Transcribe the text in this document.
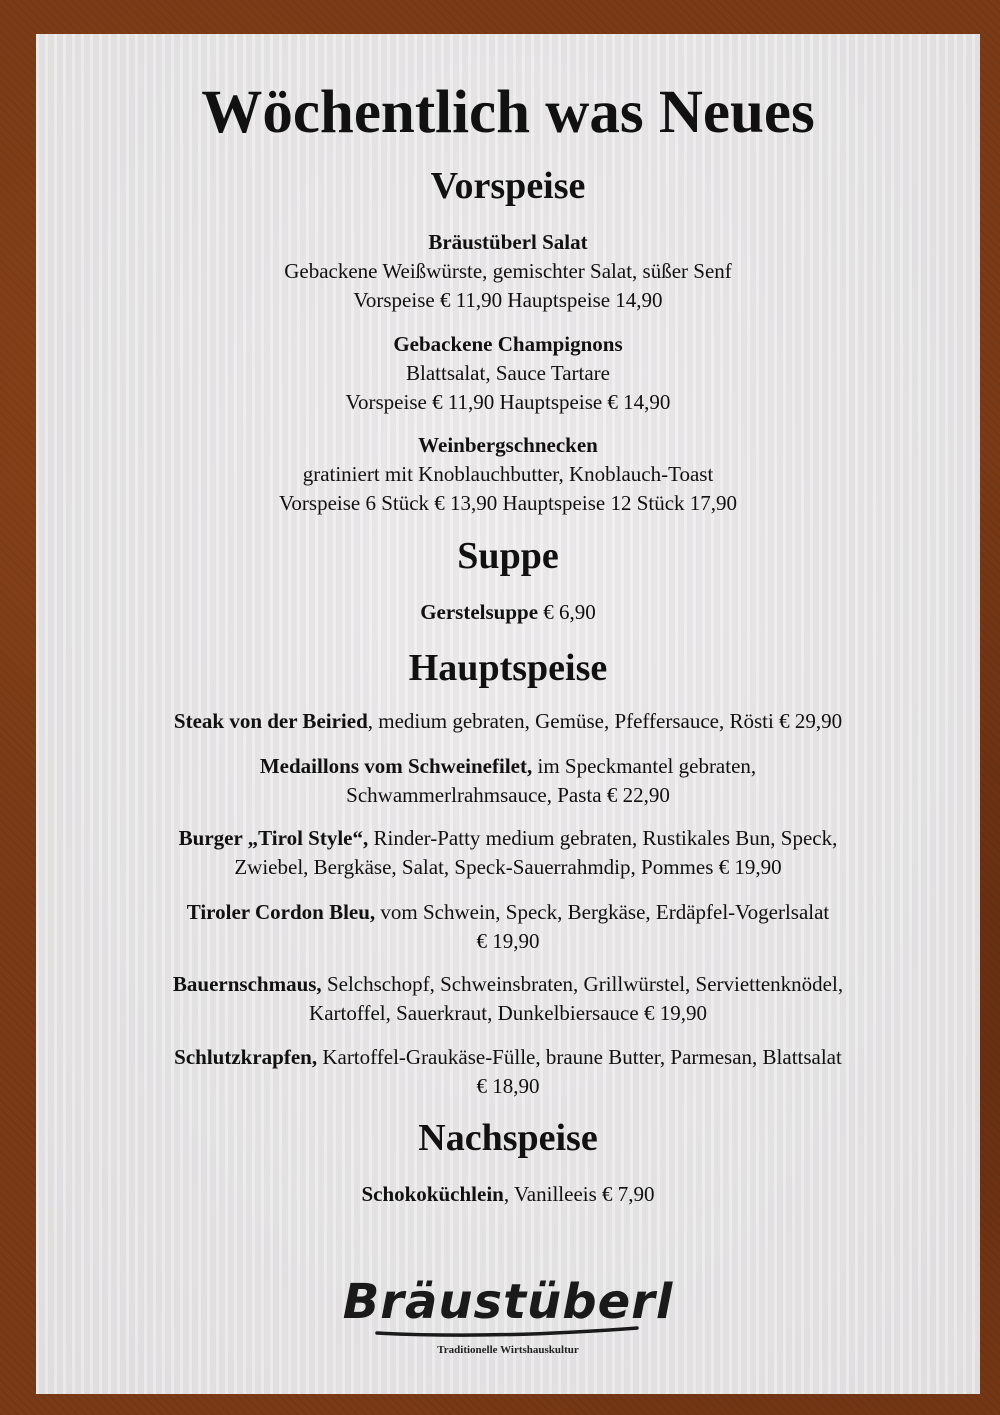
Wöchentlich was Neues
Vorspeise

Bräustüberl Salat

Gebackene Weißwürste, gemischter Salat, süßer Senf

Vorspeise € 11,90 Hauptspeise 14,90

Gebackene Champignons

Blattsalat, Sauce Tartare

Vorspeise € 11,90 Hauptspeise € 14,90

Weinbergschnecken

gratiniert mit Knoblauchbutter, Knoblauch-Toast

Vorspeise 6 Stück € 13,90 Hauptspeise 12 Stück 17,90

Suppe

Gerstelsuppe € 6,90

Hauptspeise

Steak von der Beiried, medium gebraten, Gemüse, Pfeffersauce, Rösti € 29,90

Medaillons vom Schweinefilet, im Speckmantel gebraten,

Schwammerlrahmsauce, Pasta € 22,90

Burger „Tirol Style“, Rinder-Patty medium gebraten, Rustikales Bun, Speck,

Zwiebel, Bergkäse, Salat, Speck-Sauerrahmdip, Pommes € 19,90

Tiroler Cordon Bleu, vom Schwein, Speck, Bergkäse, Erdäpfel-Vogerlsalat

€ 19,90

Bauernschmaus, Selchschopf, Schweinsbraten, Grillwürstel, Serviettenknödel,

Kartoffel, Sauerkraut, Dunkelbiersauce € 19,90

Schlutzkrapfen, Kartoffel-Graukäse-Fülle, braune Butter, Parmesan, Blattsalat

€ 18,90

Nachspeise

Schokoküchlein, Vanilleeis € 7,90

Bräustüberl
Traditionelle Wirtshauskultur
